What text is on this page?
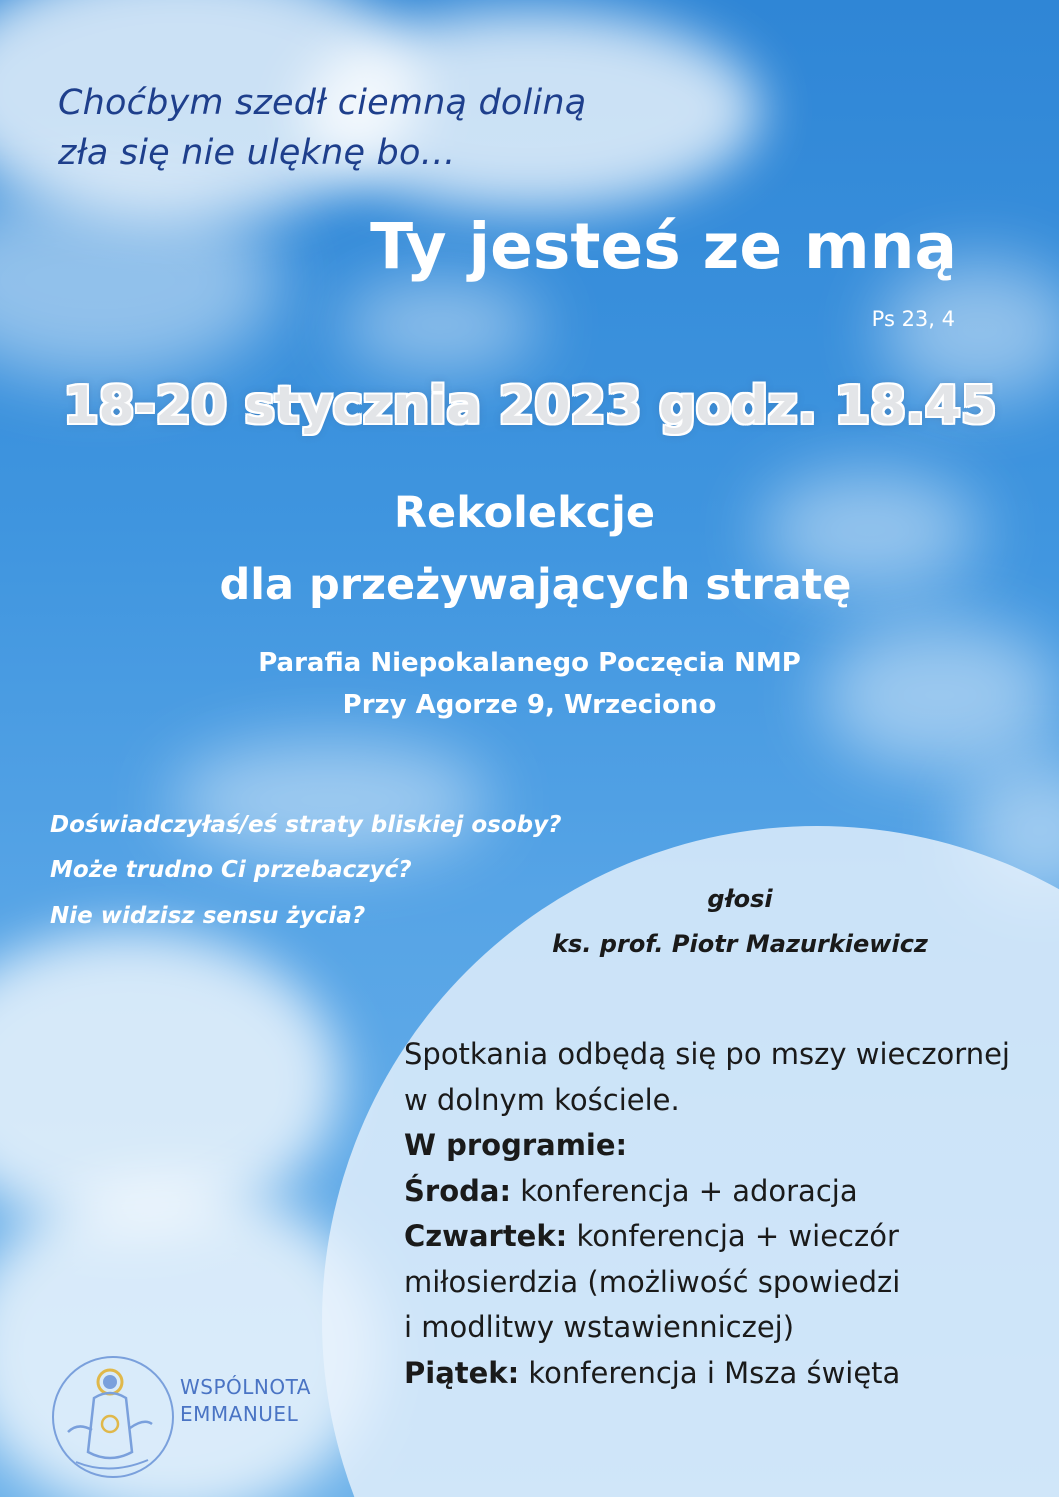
Choćbym szedł ciemną doliną
zła się nie ulęknę bo…

Ty jesteś ze mną
Ps 23, 4
18-20 stycznia 2023 godz. 18.45
Rekolekcje
dla przeżywających stratę
Parafia Niepokalanego Poczęcia NMP
Przy Agorze 9, Wrzeciono
Doświadczyłaś/eś straty bliskiej osoby?
Może trudno Ci przebaczyć?
Nie widzisz sensu życia?
głosi
ks. prof. Piotr Mazurkiewicz
Spotkania odbędą się po mszy wieczornej
w dolnym kościele.
W programie:
Środa: konferencja + adoracja
Czwartek: konferencja + wieczór
miłosierdzia (możliwość spowiedzi
i modlitwy wstawienniczej)
Piątek: konferencja i Msza święta
WSPÓLNOTA
EMMANUEL
